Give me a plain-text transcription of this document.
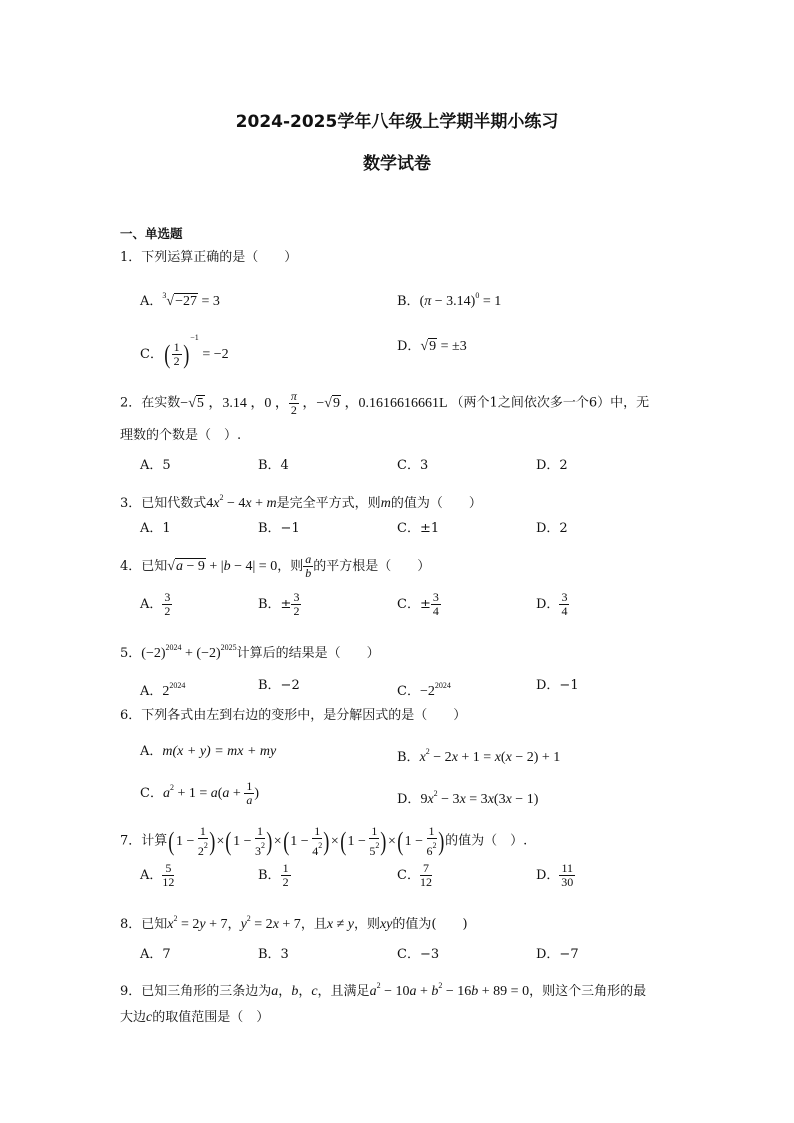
2024-2025学年八年级上学期半期小练习
数学试卷
一、单选题
1．下列运算正确的是（　　）
A．$^3$√−27 = 3	B．$(\pi - 3.14)^0 = 1$
C．( $\frac{1}{2} )^{-1} = -2$
D．√9 = ±3
2．在实数−√5 ，3.14 ，0 ， $\frac{\pi}{2}$ ，−√9 ，0.1616616661L （两个1之间依次多一个6）中，无
理数的个数是（　）.
A．5	B．4	C．3	D．2
3．已知代数式$4x^2 - 4x + m$是完全平方式，则m的值为（　　）
A．1	B．−1	C．±1	D．2
4．已知√a − 9 + |b − 4| = 0，则 $\frac{a}{b}$ 的平方根是（　　）
A． $\frac{3}{2}$	B．± $\frac{3}{2}$	C．± $\frac{3}{4}$	D． $\frac{3}{4}$
5．$(-2)^{2024} + (-2)^{2025}$计算后的结果是（　　）
A．$2^{2024}$	B．−2	C．$-2^{2024}$	D．−1
6．下列各式由左到右边的变形中，是分解因式的是（　　）
A．m(x + y) = mx + my	B．$x^2 - 2x + 1 = x(x - 2) + 1$
C．$a^2 + 1 = a(a + \frac{1}{a}$ )	D．$9x^2 - 3x = 3x(3x - 1)$
7．计算$(1 - \frac{1}{2^2} )\times(1 - \frac{1}{3^2} )\times(1 - \frac{1}{4^2} )\times(1 - \frac{1}{5^2} )\times(1 - \frac{1}{6^2}$ )的值为（　）.
A． $\frac{5}{12}$	B． $\frac{1}{2}$	C． $\frac{7}{12}$	D． $\frac{11}{30}$
8．已知$x^2 = 2y + 7$，$y^2 = 2x + 7$，且x ≠ y，则xy的值为(　　)
A．7	B．3	C．−3	D．−7
9．已知三角形的三条边为a，b，c，且满足$a^2 - 10a + b^2 - 16b + 89 = 0$，则这个三角形的最
大边c的取值范围是（　）
